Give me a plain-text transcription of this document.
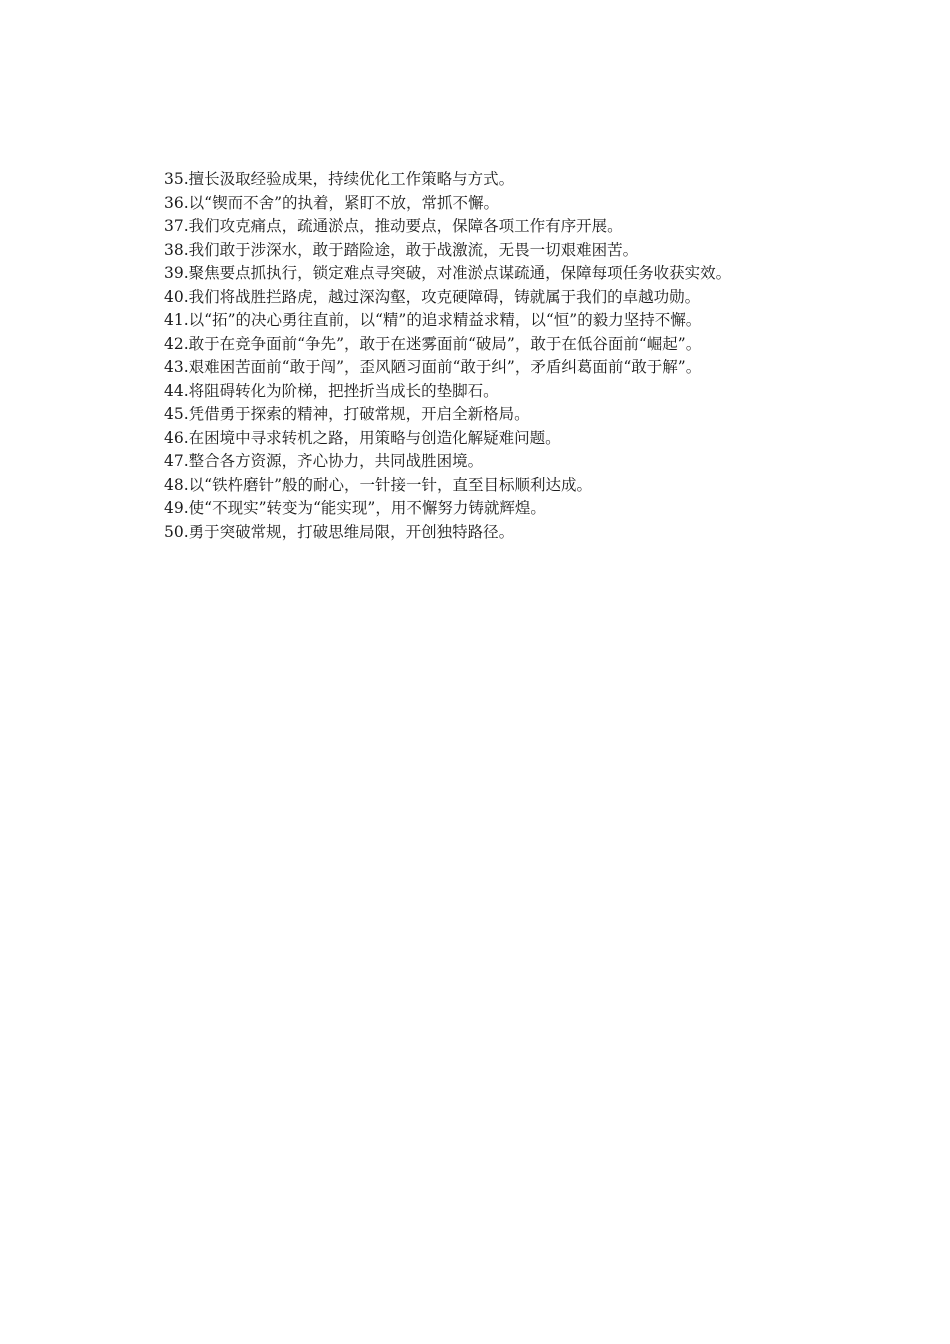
35.擅长汲取经验成果，持续优化工作策略与方式。

36.以“锲而不舍”的执着，紧盯不放，常抓不懈。

37.我们攻克痛点，疏通淤点，推动要点，保障各项工作有序开展。

38.我们敢于涉深水，敢于踏险途，敢于战激流，无畏一切艰难困苦。

39.聚焦要点抓执行，锁定难点寻突破，对准淤点谋疏通，保障每项任务收获实效。

40.我们将战胜拦路虎，越过深沟壑，攻克硬障碍，铸就属于我们的卓越功勋。

41.以“拓”的决心勇往直前，以“精”的追求精益求精，以“恒”的毅力坚持不懈。

42.敢于在竞争面前“争先”，敢于在迷雾面前“破局”，敢于在低谷面前“崛起”。

43.艰难困苦面前“敢于闯”，歪风陋习面前“敢于纠”，矛盾纠葛面前“敢于解”。

44.将阻碍转化为阶梯，把挫折当成长的垫脚石。

45.凭借勇于探索的精神，打破常规，开启全新格局。

46.在困境中寻求转机之路，用策略与创造化解疑难问题。

47.整合各方资源，齐心协力，共同战胜困境。

48.以“铁杵磨针”般的耐心，一针接一针，直至目标顺利达成。

49.使“不现实”转变为“能实现”，用不懈努力铸就辉煌。

50.勇于突破常规，打破思维局限，开创独特路径。
